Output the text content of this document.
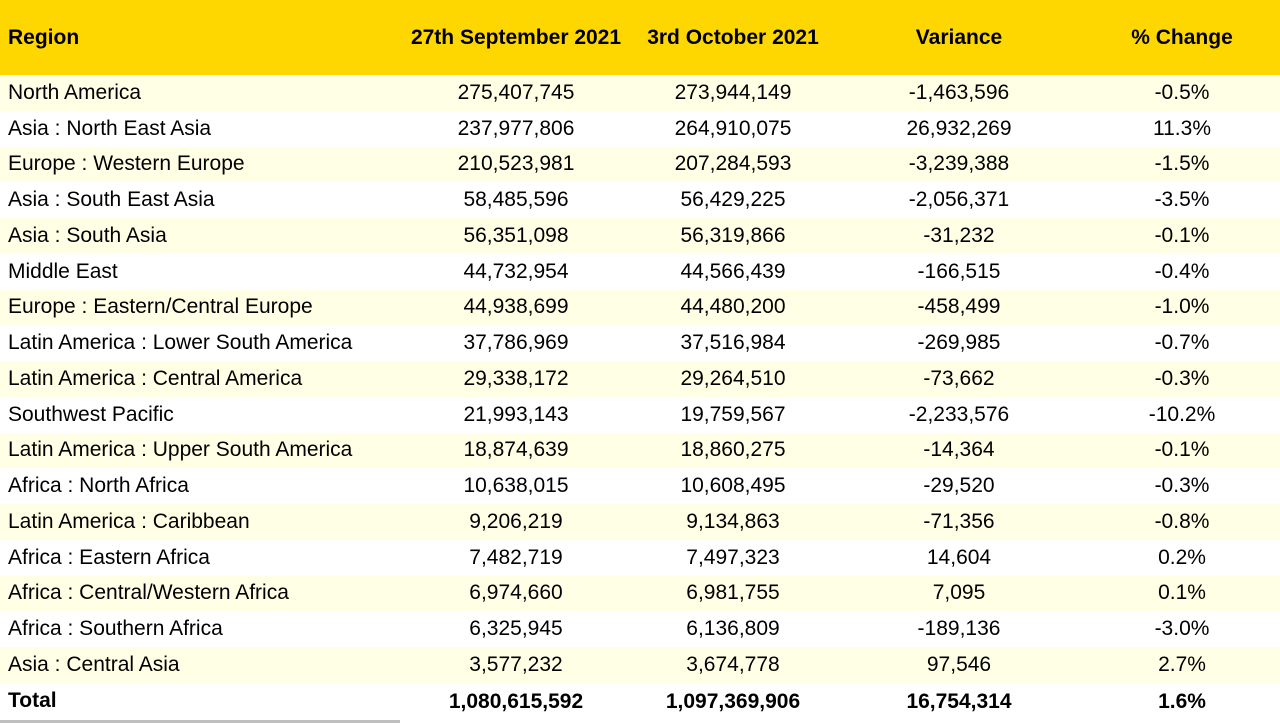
Region	27th September 2021	3rd October 2021	Variance	% Change
North America	275,407,745	273,944,149	-1,463,596	-0.5%
Asia : North East Asia	237,977,806	264,910,075	26,932,269	11.3%
Europe : Western Europe	210,523,981	207,284,593	-3,239,388	-1.5%
Asia : South East Asia	58,485,596	56,429,225	-2,056,371	-3.5%
Asia : South Asia	56,351,098	56,319,866	-31,232	-0.1%
Middle East	44,732,954	44,566,439	-166,515	-0.4%
Europe : Eastern/Central Europe	44,938,699	44,480,200	-458,499	-1.0%
Latin America : Lower South America	37,786,969	37,516,984	-269,985	-0.7%
Latin America : Central America	29,338,172	29,264,510	-73,662	-0.3%
Southwest Pacific	21,993,143	19,759,567	-2,233,576	-10.2%
Latin America : Upper South America	18,874,639	18,860,275	-14,364	-0.1%
Africa : North Africa	10,638,015	10,608,495	-29,520	-0.3%
Latin America : Caribbean	9,206,219	9,134,863	-71,356	-0.8%
Africa : Eastern Africa	7,482,719	7,497,323	14,604	0.2%
Africa : Central/Western Africa	6,974,660	6,981,755	7,095	0.1%
Africa : Southern Africa	6,325,945	6,136,809	-189,136	-3.0%
Asia : Central Asia	3,577,232	3,674,778	97,546	2.7%
Total	1,080,615,592	1,097,369,906	16,754,314	1.6%
